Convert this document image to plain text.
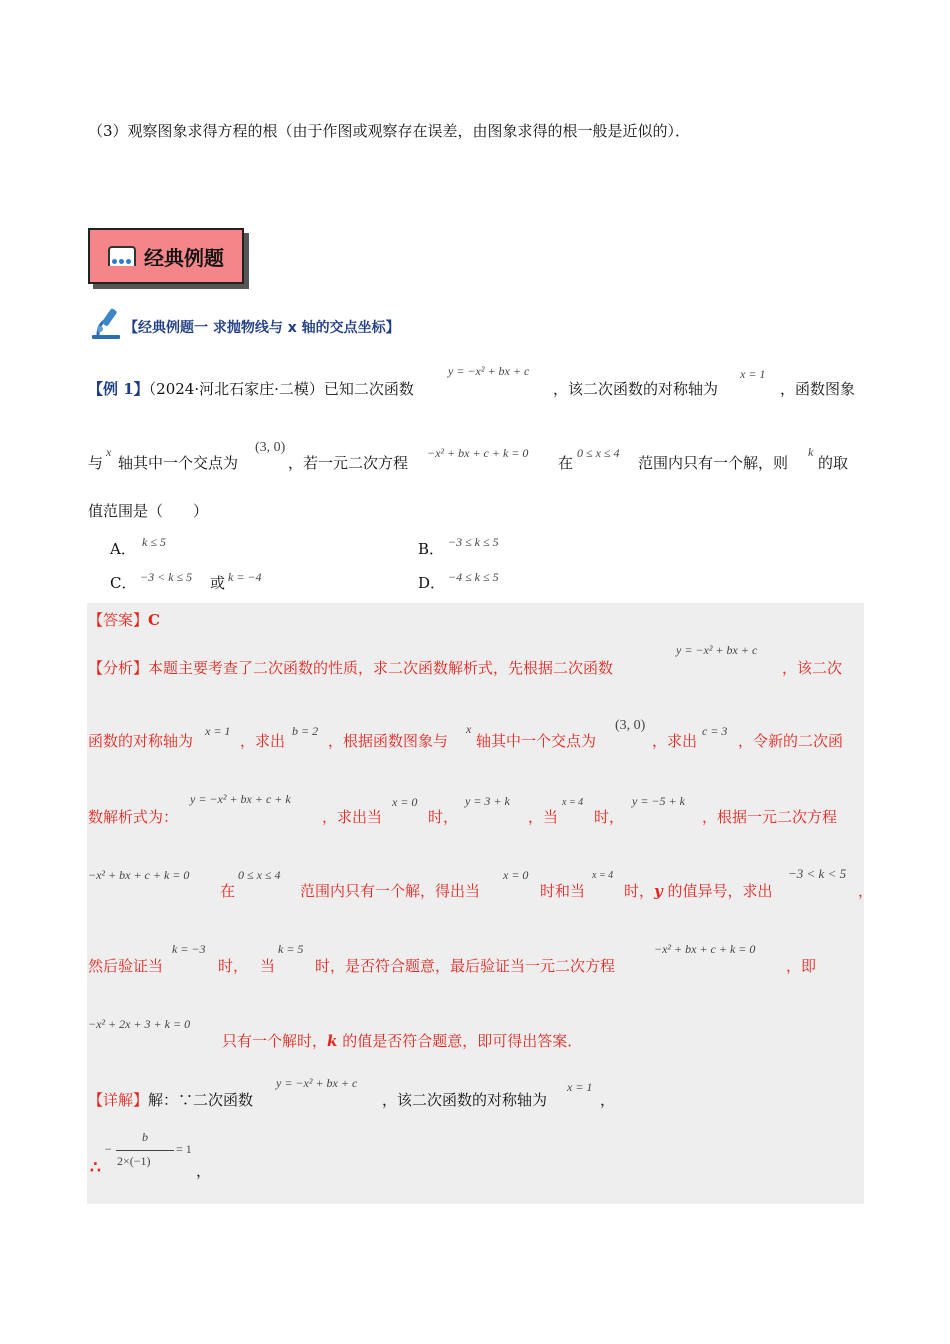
（3）观察图象求得方程的根（由于作图或观察存在误差，由图象求得的根一般是近似的）．
经典例题
【经典例题一 求抛物线与 x 轴的交点坐标】
【例 1】（2024·河北石家庄·二模）已知二次函数
y = −x² + bx + c
，该二次函数的对称轴为
x = 1
，函数图象
与
x
轴其中一个交点为
(3, 0)
，若一元二次方程
−x² + bx + c + k = 0
在
0 ≤ x ≤ 4
范围内只有一个解，则
k
的取
值范围是（　　）
A． k ≤ 5	B． −3 ≤ k ≤ 5
C． −3 < k ≤ 5 或 k = −4	D． −4 ≤ k ≤ 5
【答案】C
【分析】本题主要考查了二次函数的性质，求二次函数解析式，先根据二次函数
y = −x² + bx + c
，该二次
函数的对称轴为
x = 1
，求出
b = 2
，根据函数图象与
x
轴其中一个交点为
(3, 0)
，求出
c = 3
，令新的二次函
数解析式为：
y = −x² + bx + c + k
，求出当
x = 0
时，
y = 3 + k
，当
x = 4
时，
y = −5 + k
，根据一元二次方程
−x² + bx + c + k = 0
在
0 ≤ x ≤ 4
范围内只有一个解，得出当
x = 0
时和当
x = 4
时，y 的值异号，求出
−3 < k < 5
，
然后验证当
k = −3
时， 当
k = 5
时，是否符合题意，最后验证当一元二次方程
−x² + bx + c + k = 0
，即
−x² + 2x + 3 + k = 0
只有一个解时，k 的值是否符合题意，即可得出答案．
【详解】解：∵二次函数
y = −x² + bx + c
，该二次函数的对称轴为
x = 1
，
∴
−
b
2×(−1)
= 1
，
